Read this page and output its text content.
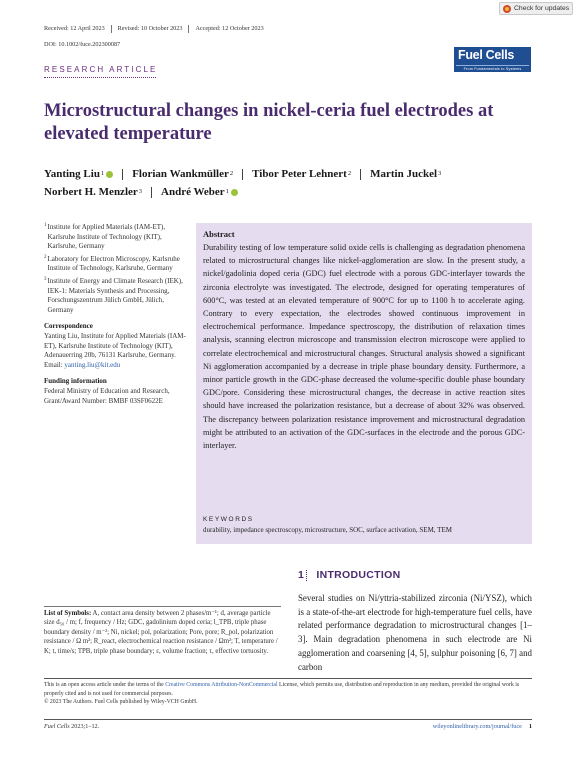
Check for updates
Received: 12 April 2023 Revised: 10 October 2023 Accepted: 12 October 2023
DOI: 10.1002/fuce.202300087
Fuel Cells
From Fundamentals to Systems
RESEARCH ARTICLE
Microstructural changes in nickel-ceria fuel electrodes at elevated temperature
Yanting Liu 1	Florian Wankmüller 2 Tibor Peter Lehnert 2 Martin Juckel 3
Norbert H. Menzler 3 André Weber 1

1 Institute for Applied Materials (IAM-ET), Karlsruhe Institute of Technology (KIT), Karlsruhe, Germany

2 Laboratory for Electron Microscopy, Karlsruhe Institute of Technology, Karlsruhe, Germany

3 Institute of Energy and Climate Research (IEK), IEK-1: Materials Synthesis and Processing, Forschungszentrum Jülich GmbH, Jülich, Germany

Correspondence

Yanting Liu, Institute for Applied Materials (IAM-ET), Karlsruhe Institute of Technology (KIT), Adenauerring 20b, 76131 Karlsruhe, Germany.

Email: yanting.liu@kit.edu

Funding information

Federal Ministry of Education and Research, Grant/Award Number: BMBF 03SF0622E

Abstract

Durability testing of low temperature solid oxide cells is challenging as degradation phenomena related to microstructural changes like nickel-agglomeration are slow. In the present study, a nickel/gadolinia doped ceria (GDC) fuel electrode with a porous GDC-interlayer towards the zirconia electrolyte was investigated. The electrode, designed for operating temperatures of 600°C, was tested at an elevated temperature of 900°C for up to 1100 h to accelerate aging. Contrary to every expectation, the electrodes showed continuous improvement in electrochemical performance. Impedance spectroscopy, the distribution of relaxation times analysis, scanning electron microscope and transmission electron microscope were applied to correlate electrochemical and microstructural changes. Structural analysis showed a significant Ni agglomeration accompanied by a decrease in triple phase boundary density. Furthermore, a minor particle growth in the GDC-phase decreased the volume-specific double phase boundary GDC/pore. Considering these microstructural changes, the decrease in active reaction sites should have increased the polarization resistance, but a decrease of about 32% was observed. The discrepancy between polarization resistance improvement and microstructural degradation might be attributed to an activation of the GDC-surfaces in the electrode and the porous GDC-interlayer.

KEYWORDS
durability, impedance spectroscopy, microstructure, SOC, surface activation, SEM, TEM
1 INTRODUCTION

Several studies on Ni/yttria-stabilized zirconia (Ni/YSZ), which is a state-of-the-art electrode for high-temperature fuel cells, have related performance degradation to microstructural changes [1–3]. Main degradation phenomena in such electrode are Ni agglomeration and coarsening [4, 5], sulphur poisoning [6, 7] and carbon

List of Symbols: A, contact area density between 2 phases/m⁻¹; d, average particle size d₅₀ / m; f, frequency / Hz; GDC, gadolinium doped ceria; l_TPB, triple phase boundary density / m⁻²; Ni, nickel; pol, polarization; Pore, pore; R_pol, polarization resistance / Ω m²; R_react, electrochemical reaction resistance / Ωm²; T, temperature / K; t, time/s; TPB, triple phase boundary; ε, volume fraction; τ, effective tortuosity.
This is an open access article under the terms of the Creative Commons Attribution-NonCommercial License, which permits use, distribution and reproduction in any medium, provided the original work is properly cited and is not used for commercial purposes.
© 2023 The Authors. Fuel Cells published by Wiley-VCH GmbH.
Fuel Cells 2023;1–12.	wileyonlinelibrary.com/journal/fuce 1
